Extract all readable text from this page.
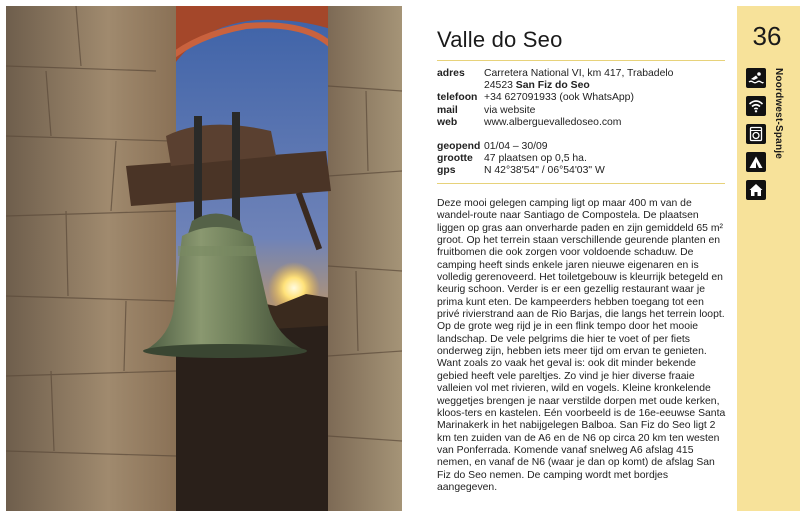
Valle do Seo
adres	Carretera National VI, km 417, Trabadelo
24523 San Fiz do Seo
telefoon +34 627091933 (ook WhatsApp)
mail	via website
web	www.alberguevalledoseo.com
geopend 01/04 – 30/09
grootte	47 plaatsen op 0,5 ha.
gps	N 42°38'54" / 06°54'03" W

Deze mooi gelegen camping ligt op maar 400 m van de wandel-route naar Santiago de Compostela. De plaatsen liggen op gras aan onverharde paden en zijn gemiddeld 65 m² groot. Op het terrein staan verschillende geurende planten en fruitbomen die ook zorgen voor voldoende schaduw. De camping heeft sinds enkele jaren nieuwe eigenaren en is volledig gerenoveerd. Het toiletgebouw is kleurrijk betegeld en keurig schoon. Verder is er een gezellig restaurant waar je prima kunt eten. De kampeerders hebben toegang tot een privé rivierstrand aan de Rio Barjas, die langs het terrein loopt. Op de grote weg rijd je in een flink tempo door het mooie landschap. De vele pelgrims die hier te voet of per fiets onderweg zijn, hebben iets meer tijd om ervan te genieten. Want zoals zo vaak het geval is: ook dit minder bekende gebied heeft vele pareltjes. Zo vind je hier diverse fraaie valleien vol met rivieren, wild en vogels. Kleine kronkelende weggetjes brengen je naar verstilde dorpen met oude kerken, kloos-ters en kastelen. Eén voorbeeld is de 16e-eeuwse Santa Marinakerk in het nabijgelegen Balboa. San Fiz do Seo ligt 2 km ten zuiden van de A6 en de N6 op circa 20 km ten westen van Ponferrada. Komende vanaf snelweg A6 afslag 415 nemen, en vanaf de N6 (waar je dan op komt) de afslag San Fiz do Seo nemen. De camping wordt met bordjes aangegeven.

36
Noordwest-Spanje
